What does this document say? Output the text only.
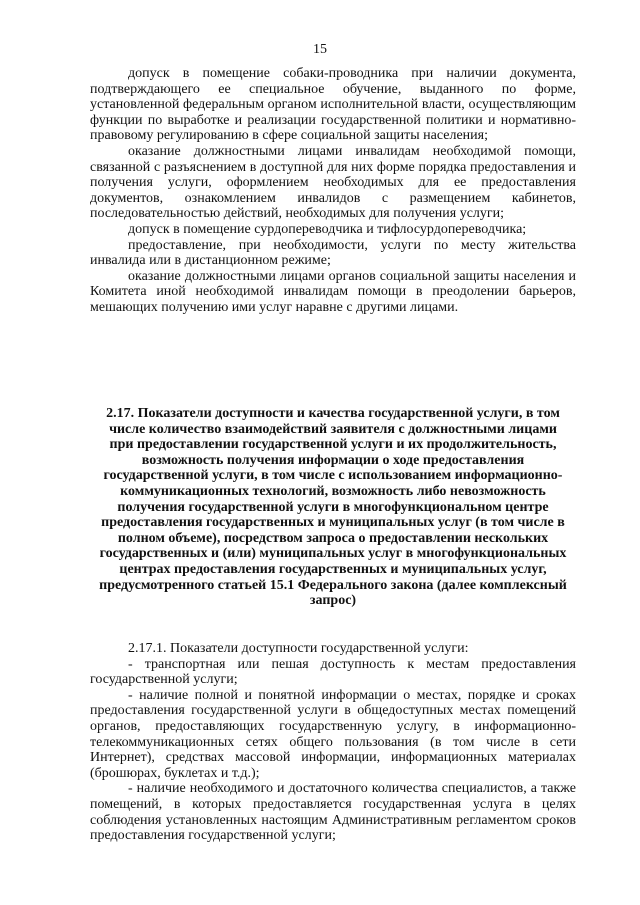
15

допуск в помещение собаки-проводника при наличии документа, подтверждающего ее специальное обучение, выданного по форме, установленной федеральным органом исполнительной власти, осуществляющим функции по выработке и реализации государственной политики и нормативно-правовому регулированию в сфере социальной защиты населения;

оказание должностными лицами инвалидам необходимой помощи, связанной с разъяснением в доступной для них форме порядка предоставления и получения услуги, оформлением необходимых для ее предоставления документов, ознакомлением инвалидов с размещением кабинетов, последовательностью действий, необходимых для получения услуги;

допуск в помещение сурдопереводчика и тифлосурдопереводчика;

предоставление, при необходимости, услуги по месту жительства инвалида или в дистанционном режиме;

оказание должностными лицами органов социальной защиты населения и Комитета иной необходимой инвалидам помощи в преодолении барьеров, мешающих получению ими услуг наравне с другими лицами.

2.17. Показатели доступности и качества государственной услуги, в том числе количество взаимодействий заявителя с должностными лицами при предоставлении государственной услуги и их продолжительность, возможность получения информации о ходе предоставления государственной услуги, в том числе с использованием информационно-коммуникационных технологий, возможность либо невозможность получения государственной услуги в многофункциональном центре предоставления государственных и муниципальных услуг (в том числе в полном объеме), посредством запроса о предоставлении нескольких государственных и (или) муниципальных услуг в многофункциональных центрах предоставления государственных и муниципальных услуг, предусмотренного статьей 15.1 Федерального закона (далее комплексный запрос)

2.17.1. Показатели доступности государственной услуги:

- транспортная или пешая доступность к местам предоставления государственной услуги;

- наличие полной и понятной информации о местах, порядке и сроках предоставления государственной услуги в общедоступных местах помещений органов, предоставляющих государственную услугу, в информационно-телекоммуникационных сетях общего пользования (в том числе в сети Интернет), средствах массовой информации, информационных материалах (брошюрах, буклетах и т.д.);

- наличие необходимого и достаточного количества специалистов, а также помещений, в которых предоставляется государственная услуга в целях соблюдения установленных настоящим Административным регламентом сроков предоставления государственной услуги;
